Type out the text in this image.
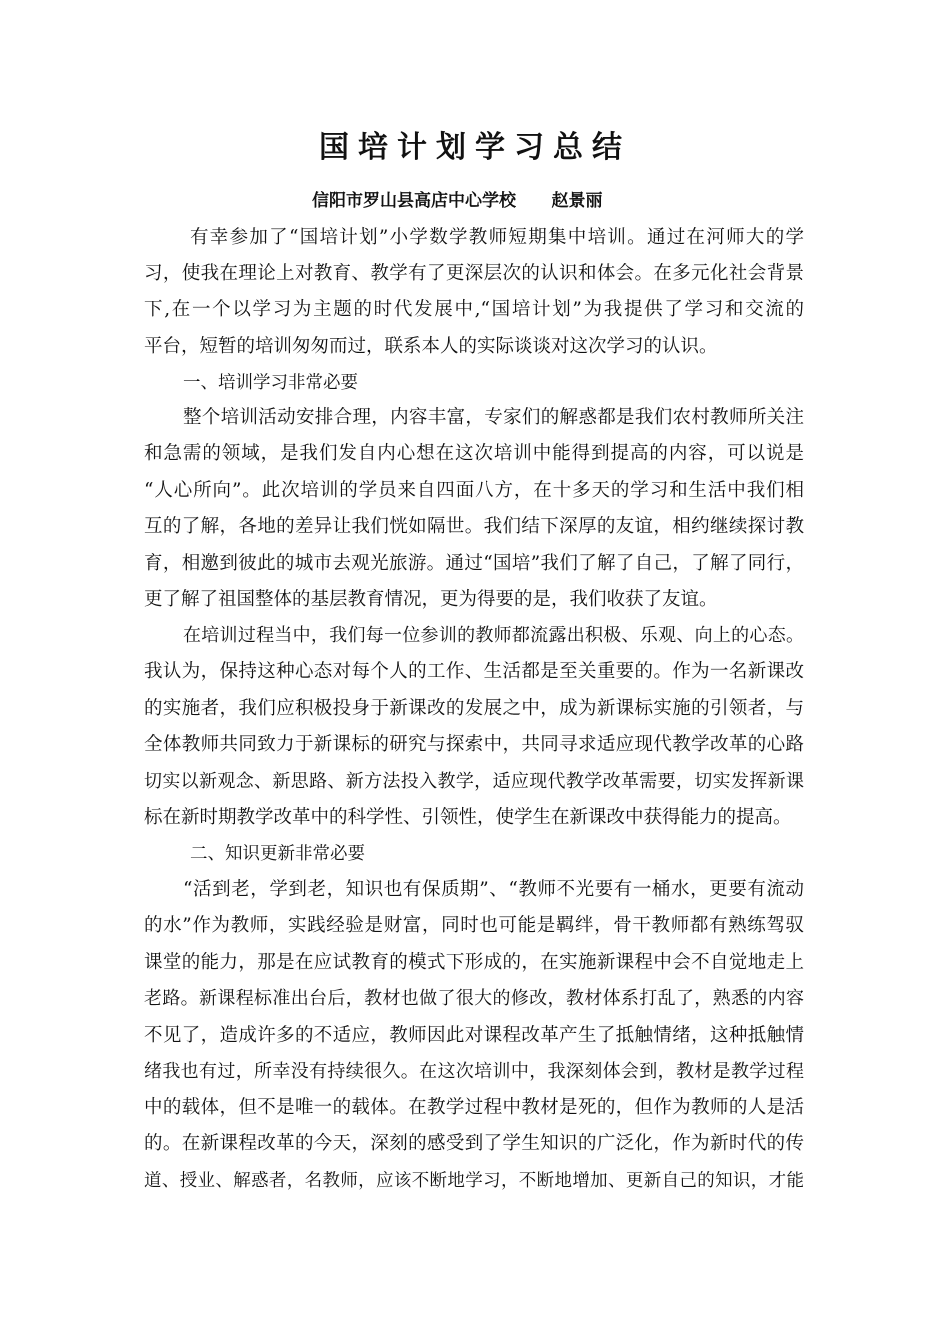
国培计划学习总结
信阳市罗山县高店中心学校      赵景丽
有幸参加了“国培计划”小学数学教师短期集中培训。通过在河师大的学
习，使我在理论上对教育、教学有了更深层次的认识和体会。在多元化社会背景
下,在一个以学习为主题的时代发展中,“国培计划”为我提供了学习和交流的
平台，短暂的培训匆匆而过，联系本人的实际谈谈对这次学习的认识。
一、培训学习非常必要
整个培训活动安排合理，内容丰富，专家们的解惑都是我们农村教师所关注
和急需的领域，是我们发自内心想在这次培训中能得到提高的内容，可以说是
“人心所向”。此次培训的学员来自四面八方，在十多天的学习和生活中我们相
互的了解，各地的差异让我们恍如隔世。我们结下深厚的友谊，相约继续探讨教
育，相邀到彼此的城市去观光旅游。通过“国培”我们了解了自己，了解了同行，
更了解了祖国整体的基层教育情况，更为得要的是，我们收获了友谊。
在培训过程当中，我们每一位参训的教师都流露出积极、乐观、向上的心态。
我认为，保持这种心态对每个人的工作、生活都是至关重要的。作为一名新课改
的实施者，我们应积极投身于新课改的发展之中，成为新课标实施的引领者，与
全体教师共同致力于新课标的研究与探索中，共同寻求适应现代教学改革的心路
切实以新观念、新思路、新方法投入教学，适应现代教学改革需要，切实发挥新课
标在新时期教学改革中的科学性、引领性，使学生在新课改中获得能力的提高。
二、知识更新非常必要
“活到老，学到老，知识也有保质期”、“教师不光要有一桶水，更要有流动
的水”作为教师，实践经验是财富，同时也可能是羁绊，骨干教师都有熟练驾驭
课堂的能力，那是在应试教育的模式下形成的，在实施新课程中会不自觉地走上
老路。新课程标准出台后，教材也做了很大的修改，教材体系打乱了，熟悉的内容
不见了，造成许多的不适应，教师因此对课程改革产生了抵触情绪，这种抵触情
绪我也有过，所幸没有持续很久。在这次培训中，我深刻体会到，教材是教学过程
中的载体，但不是唯一的载体。在教学过程中教材是死的，但作为教师的人是活
的。在新课程改革的今天，深刻的感受到了学生知识的广泛化，作为新时代的传
道、授业、解惑者，名教师，应该不断地学习，不断地增加、更新自己的知识，才能
